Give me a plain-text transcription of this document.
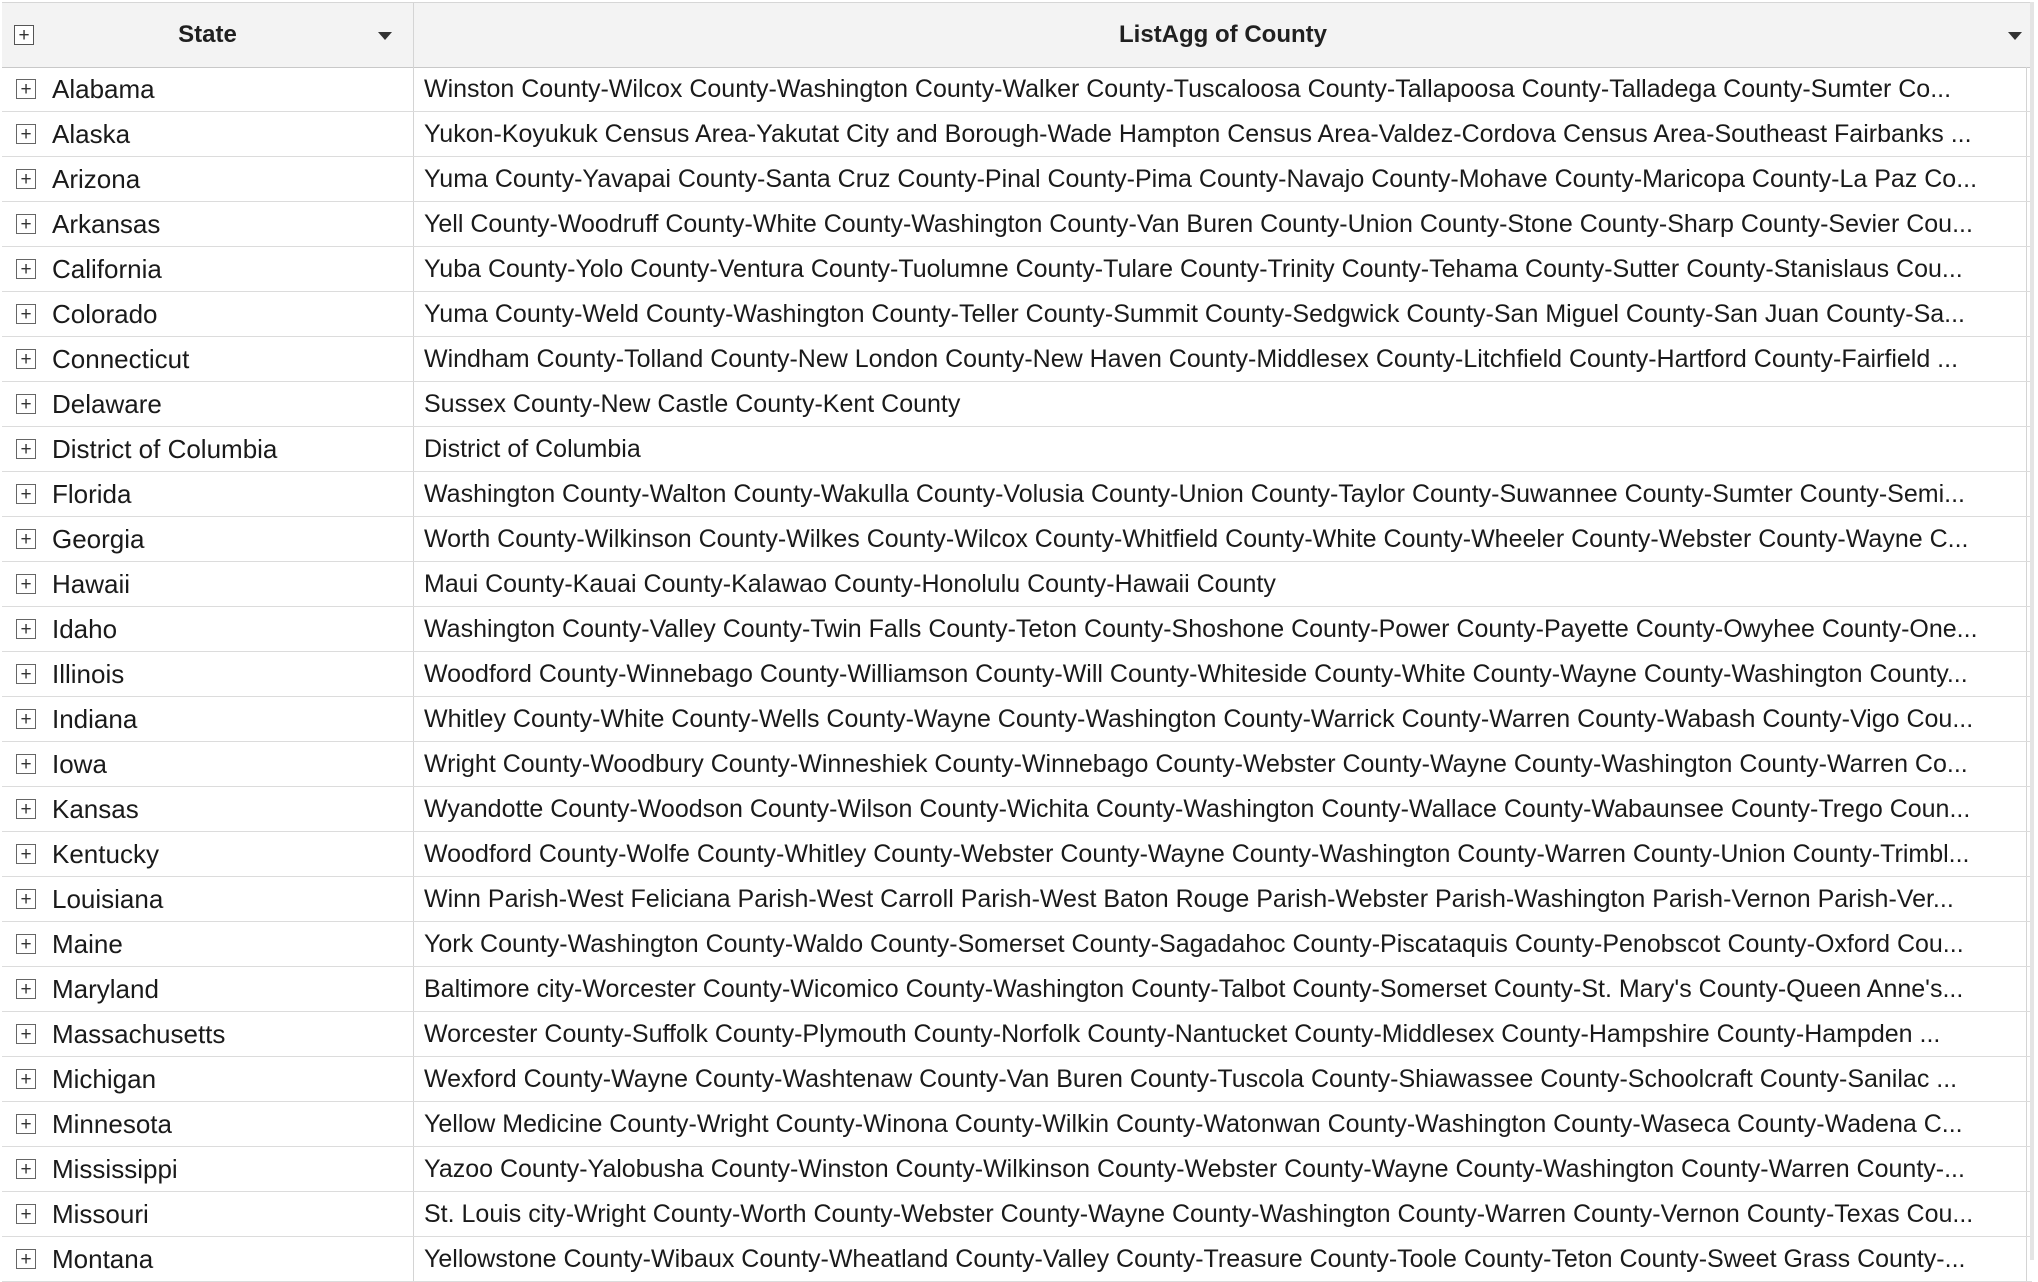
+	State	ListAgg of County
+ Alabama	Winston County-Wilcox County-Washington County-Walker County-Tuscaloosa County-Tallapoosa County-Talladega County-Sumter Co...
+ Alaska	Yukon-Koyukuk Census Area-Yakutat City and Borough-Wade Hampton Census Area-Valdez-Cordova Census Area-Southeast Fairbanks ...
+ Arizona	Yuma County-Yavapai County-Santa Cruz County-Pinal County-Pima County-Navajo County-Mohave County-Maricopa County-La Paz Co...
+ Arkansas	Yell County-Woodruff County-White County-Washington County-Van Buren County-Union County-Stone County-Sharp County-Sevier Cou...
+ California	Yuba County-Yolo County-Ventura County-Tuolumne County-Tulare County-Trinity County-Tehama County-Sutter County-Stanislaus Cou...
+ Colorado	Yuma County-Weld County-Washington County-Teller County-Summit County-Sedgwick County-San Miguel County-San Juan County-Sa...
+ Connecticut	Windham County-Tolland County-New London County-New Haven County-Middlesex County-Litchfield County-Hartford County-Fairfield ...
+ Delaware	Sussex County-New Castle County-Kent County
+ District of Columbia	District of Columbia
+ Florida	Washington County-Walton County-Wakulla County-Volusia County-Union County-Taylor County-Suwannee County-Sumter County-Semi...
+ Georgia	Worth County-Wilkinson County-Wilkes County-Wilcox County-Whitfield County-White County-Wheeler County-Webster County-Wayne C...
+ Hawaii	Maui County-Kauai County-Kalawao County-Honolulu County-Hawaii County
+ Idaho	Washington County-Valley County-Twin Falls County-Teton County-Shoshone County-Power County-Payette County-Owyhee County-One...
+ Illinois	Woodford County-Winnebago County-Williamson County-Will County-Whiteside County-White County-Wayne County-Washington County...
+ Indiana	Whitley County-White County-Wells County-Wayne County-Washington County-Warrick County-Warren County-Wabash County-Vigo Cou...
+ Iowa	Wright County-Woodbury County-Winneshiek County-Winnebago County-Webster County-Wayne County-Washington County-Warren Co...
+ Kansas	Wyandotte County-Woodson County-Wilson County-Wichita County-Washington County-Wallace County-Wabaunsee County-Trego Coun...
+ Kentucky	Woodford County-Wolfe County-Whitley County-Webster County-Wayne County-Washington County-Warren County-Union County-Trimbl...
+ Louisiana	Winn Parish-West Feliciana Parish-West Carroll Parish-West Baton Rouge Parish-Webster Parish-Washington Parish-Vernon Parish-Ver...
+ Maine	York County-Washington County-Waldo County-Somerset County-Sagadahoc County-Piscataquis County-Penobscot County-Oxford Cou...
+ Maryland	Baltimore city-Worcester County-Wicomico County-Washington County-Talbot County-Somerset County-St. Mary's County-Queen Anne's...
+ Massachusetts	Worcester County-Suffolk County-Plymouth County-Norfolk County-Nantucket County-Middlesex County-Hampshire County-Hampden ...
+ Michigan	Wexford County-Wayne County-Washtenaw County-Van Buren County-Tuscola County-Shiawassee County-Schoolcraft County-Sanilac ...
+ Minnesota	Yellow Medicine County-Wright County-Winona County-Wilkin County-Watonwan County-Washington County-Waseca County-Wadena C...
+ Mississippi	Yazoo County-Yalobusha County-Winston County-Wilkinson County-Webster County-Wayne County-Washington County-Warren County-...
+ Missouri	St. Louis city-Wright County-Worth County-Webster County-Wayne County-Washington County-Warren County-Vernon County-Texas Cou...
+ Montana	Yellowstone County-Wibaux County-Wheatland County-Valley County-Treasure County-Toole County-Teton County-Sweet Grass County-...
